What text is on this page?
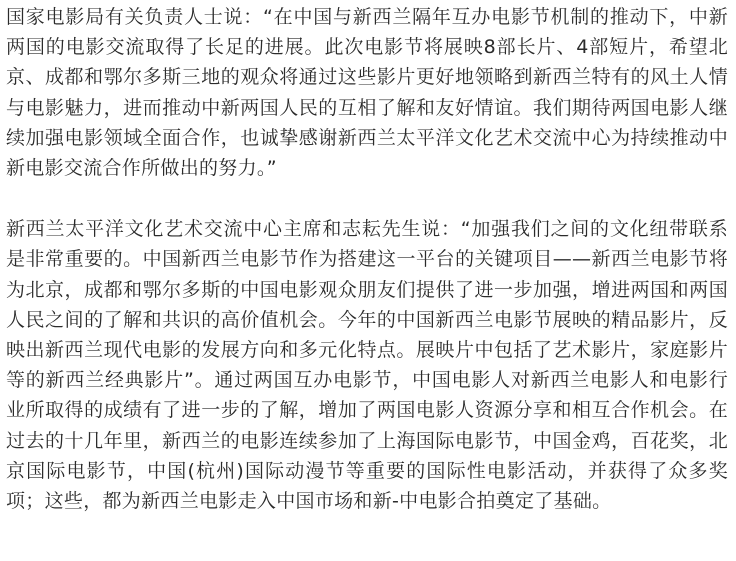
国家电影局有关负责人士说：“在中国与新西兰隔年互办电影节机制的推动下，中新两国的电影交流取得了长足的进展。此次电影节将展映8部长片、4部短片，希望北京、成都和鄂尔多斯三地的观众将通过这些影片更好地领略到新西兰特有的风土人情与电影魅力，进而推动中新两国人民的互相了解和友好情谊。我们期待两国电影人继续加强电影领域全面合作，也诚挚感谢新西兰太平洋文化艺术交流中心为持续推动中新电影交流合作所做出的努力。”

新西兰太平洋文化艺术交流中心主席和志耘先生说：“加强我们之间的文化纽带联系是非常重要的。中国新西兰电影节作为搭建这一平台的关键项目——新西兰电影节将为北京，成都和鄂尔多斯的中国电影观众朋友们提供了进一步加强，增进两国和两国人民之间的了解和共识的高价值机会。今年的中国新西兰电影节展映的精品影片，反映出新西兰现代电影的发展方向和多元化特点。展映片中包括了艺术影片，家庭影片等的新西兰经典影片”。通过两国互办电影节，中国电影人对新西兰电影人和电影行业所取得的成绩有了进一步的了解，增加了两国电影人资源分享和相互合作机会。在过去的十几年里，新西兰的电影连续参加了上海国际电影节，中国金鸡，百花奖，北京国际电影节，中国(杭州)国际动漫节等重要的国际性电影活动，并获得了众多奖项；这些，都为新西兰电影走入中国市场和新-中电影合拍奠定了基础。
